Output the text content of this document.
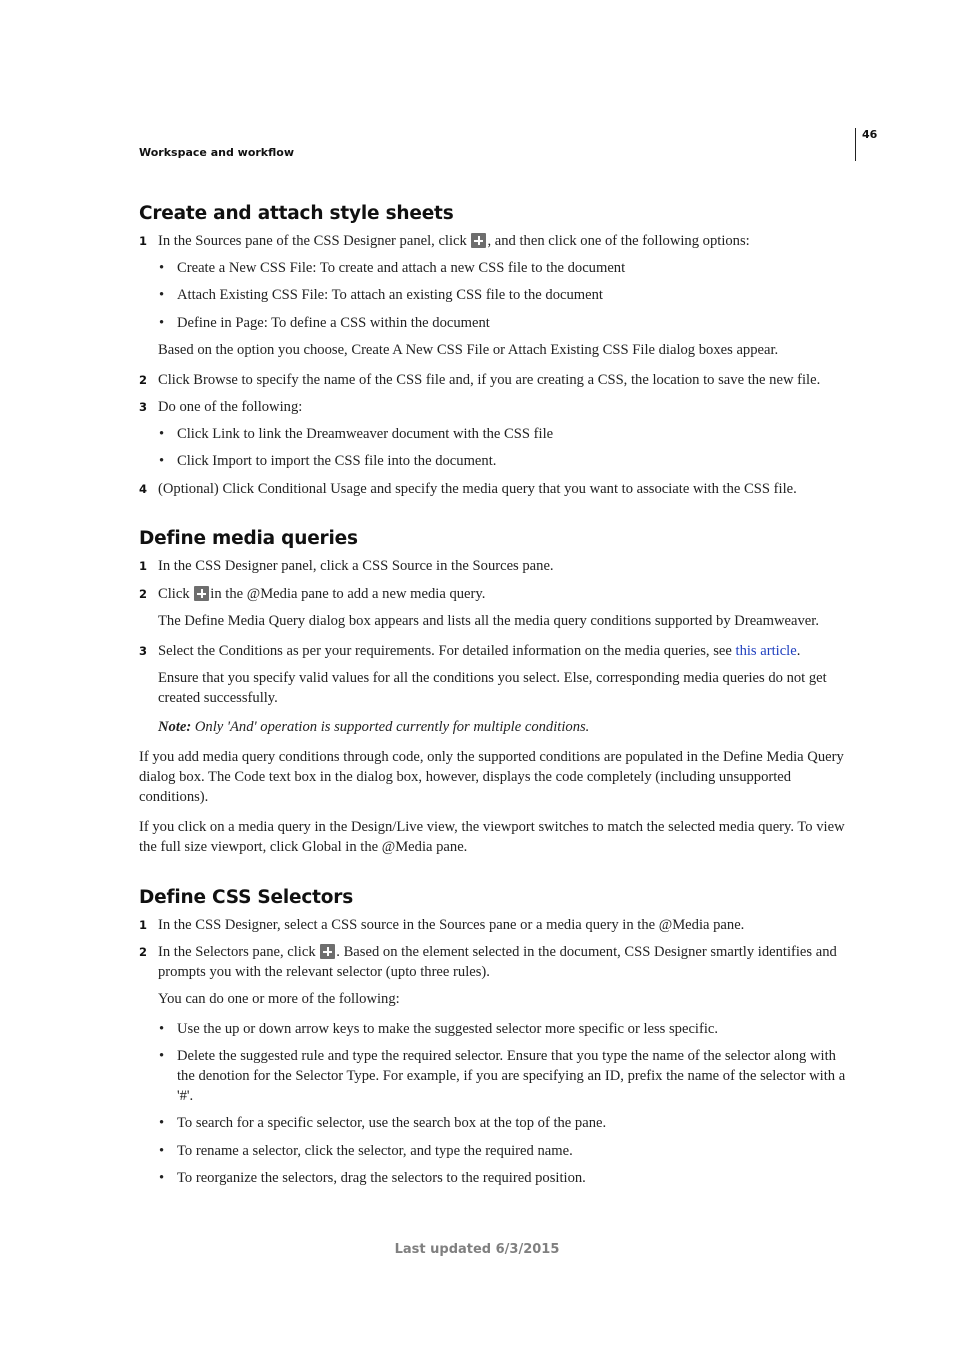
Workspace and workflow
46
Create and attach style sheets
1 In the Sources pane of the CSS Designer panel, click , and then click one of the following options:
• Create a New CSS File: To create and attach a new CSS file to the document
• Attach Existing CSS File: To attach an existing CSS file to the document
• Define in Page: To define a CSS within the document
Based on the option you choose, Create A New CSS File or Attach Existing CSS File dialog boxes appear.
2 Click Browse to specify the name of the CSS file and, if you are creating a CSS, the location to save the new file.
3 Do one of the following:
• Click Link to link the Dreamweaver document with the CSS file
• Click Import to import the CSS file into the document.
4 (Optional) Click Conditional Usage and specify the media query that you want to associate with the CSS file.
Define media queries
1 In the CSS Designer panel, click a CSS Source in the Sources pane.
2 Click in the @Media pane to add a new media query.
The Define Media Query dialog box appears and lists all the media query conditions supported by Dreamweaver.
3 Select the Conditions as per your requirements. For detailed information on the media queries, see this article.
Ensure that you specify valid values for all the conditions you select. Else, corresponding media queries do not get created successfully.
Note: Only 'And' operation is supported currently for multiple conditions.
If you add media query conditions through code, only the supported conditions are populated in the Define Media Query dialog box. The Code text box in the dialog box, however, displays the code completely (including unsupported conditions).
If you click on a media query in the Design/Live view, the viewport switches to match the selected media query. To view the full size viewport, click Global in the @Media pane.
Define CSS Selectors
1 In the CSS Designer, select a CSS source in the Sources pane or a media query in the @Media pane.
2 In the Selectors pane, click . Based on the element selected in the document, CSS Designer smartly identifies and prompts you with the relevant selector (upto three rules).
You can do one or more of the following:
• Use the up or down arrow keys to make the suggested selector more specific or less specific.
• Delete the suggested rule and type the required selector. Ensure that you type the name of the selector along with the denotion for the Selector Type. For example, if you are specifying an ID, prefix the name of the selector with a '#'.
• To search for a specific selector, use the search box at the top of the pane.
• To rename a selector, click the selector, and type the required name.
• To reorganize the selectors, drag the selectors to the required position.
Last updated 6/3/2015
